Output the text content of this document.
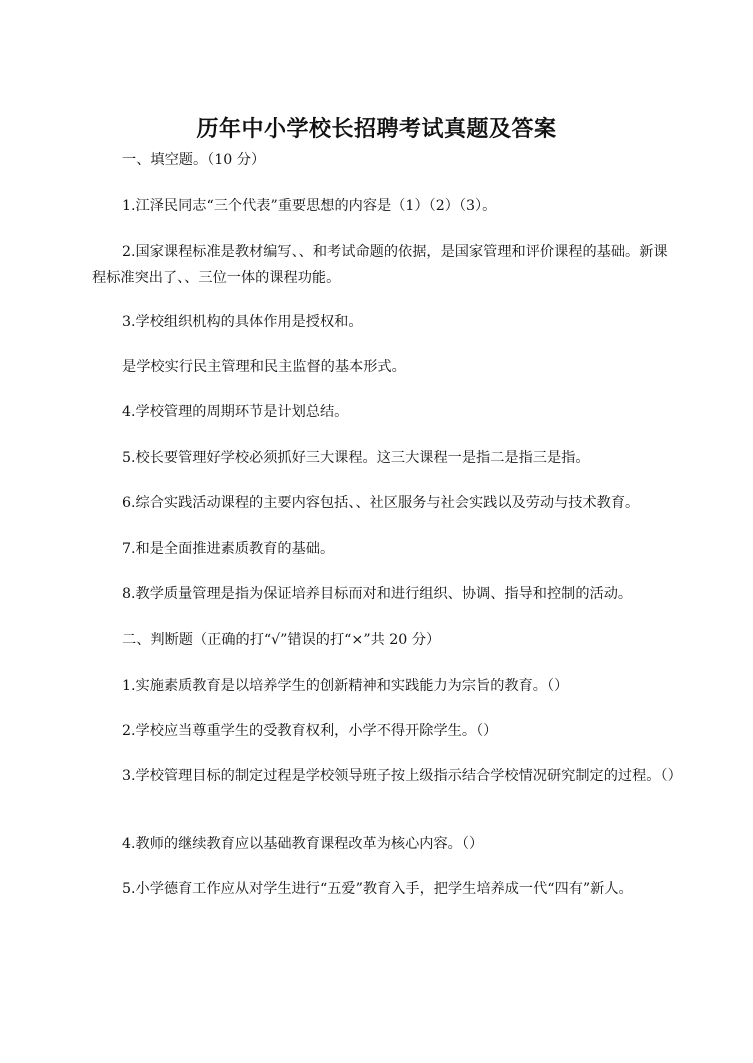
历年中小学校长招聘考试真题及答案
一、填空题。（10 分）
1.江泽民同志“三个代表”重要思想的内容是（1）（2）（3）。
2.国家课程标准是教材编写、、和考试命题的依据，是国家管理和评价课程的基础。新课程标准突出了、、三位一体的课程功能。
3.学校组织机构的具体作用是授权和。
是学校实行民主管理和民主监督的基本形式。
4.学校管理的周期环节是计划总结。
5.校长要管理好学校必须抓好三大课程。这三大课程一是指二是指三是指。
6.综合实践活动课程的主要内容包括、、社区服务与社会实践以及劳动与技术教育。
7.和是全面推进素质教育的基础。
8.教学质量管理是指为保证培养目标而对和进行组织、协调、指导和控制的活动。
二、判断题（正确的打“√”错误的打“×”共 20 分）
1.实施素质教育是以培养学生的创新精神和实践能力为宗旨的教育。（）
2.学校应当尊重学生的受教育权利，小学不得开除学生。（）
3.学校管理目标的制定过程是学校领导班子按上级指示结合学校情况研究制定的过程。（）
4.教师的继续教育应以基础教育课程改革为核心内容。（）
5.小学德育工作应从对学生进行“五爱”教育入手，把学生培养成一代“四有”新人。
